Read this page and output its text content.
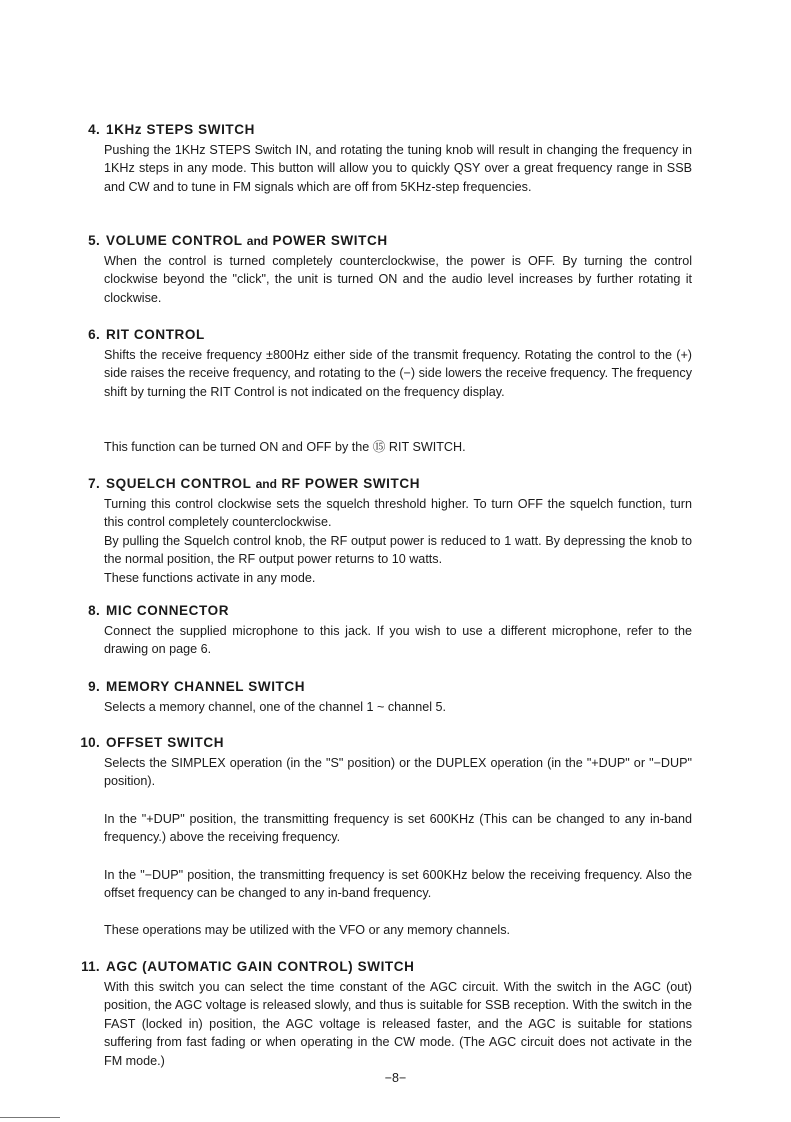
4. 1KHz STEPS SWITCH

Pushing the 1KHz STEPS Switch IN, and rotating the tuning knob will result in changing the frequency in 1KHz steps in any mode. This button will allow you to quickly QSY over a great frequency range in SSB and CW and to tune in FM signals which are off from 5KHz-step frequencies.

5. VOLUME CONTROL and POWER SWITCH

When the control is turned completely counterclockwise, the power is OFF. By turning the control clockwise beyond the "click", the unit is turned ON and the audio level increases by further rotating it clockwise.

6. RIT CONTROL

Shifts the receive frequency ±800Hz either side of the transmit frequency. Rotating the control to the (+) side raises the receive frequency, and rotating to the (−) side lowers the receive frequency. The frequency shift by turning the RIT Control is not indicated on the frequency display.

This function can be turned ON and OFF by the ⑮ RIT SWITCH.

7. SQUELCH CONTROL and RF POWER SWITCH

Turning this control clockwise sets the squelch threshold higher. To turn OFF the squelch function, turn this control completely counterclockwise.

By pulling the Squelch control knob, the RF output power is reduced to 1 watt. By depressing the knob to the normal position, the RF output power returns to 10 watts.

These functions activate in any mode.

8. MIC CONNECTOR

Connect the supplied microphone to this jack. If you wish to use a different microphone, refer to the drawing on page 6.

9. MEMORY CHANNEL SWITCH

Selects a memory channel, one of the channel 1 ~ channel 5.

10. OFFSET SWITCH

Selects the SIMPLEX operation (in the "S" position) or the DUPLEX operation (in the "+DUP" or "−DUP" position).

In the "+DUP" position, the transmitting frequency is set 600KHz (This can be changed to any in-band frequency.) above the receiving frequency.

In the "−DUP" position, the transmitting frequency is set 600KHz below the receiving frequency. Also the offset frequency can be changed to any in-band frequency.

These operations may be utilized with the VFO or any memory channels.

11. AGC (AUTOMATIC GAIN CONTROL) SWITCH

With this switch you can select the time constant of the AGC circuit. With the switch in the AGC (out) position, the AGC voltage is released slowly, and thus is suitable for SSB reception. With the switch in the FAST (locked in) position, the AGC voltage is released faster, and the AGC is suitable for stations suffering from fast fading or when operating in the CW mode. (The AGC circuit does not activate in the FM mode.)

−8−
